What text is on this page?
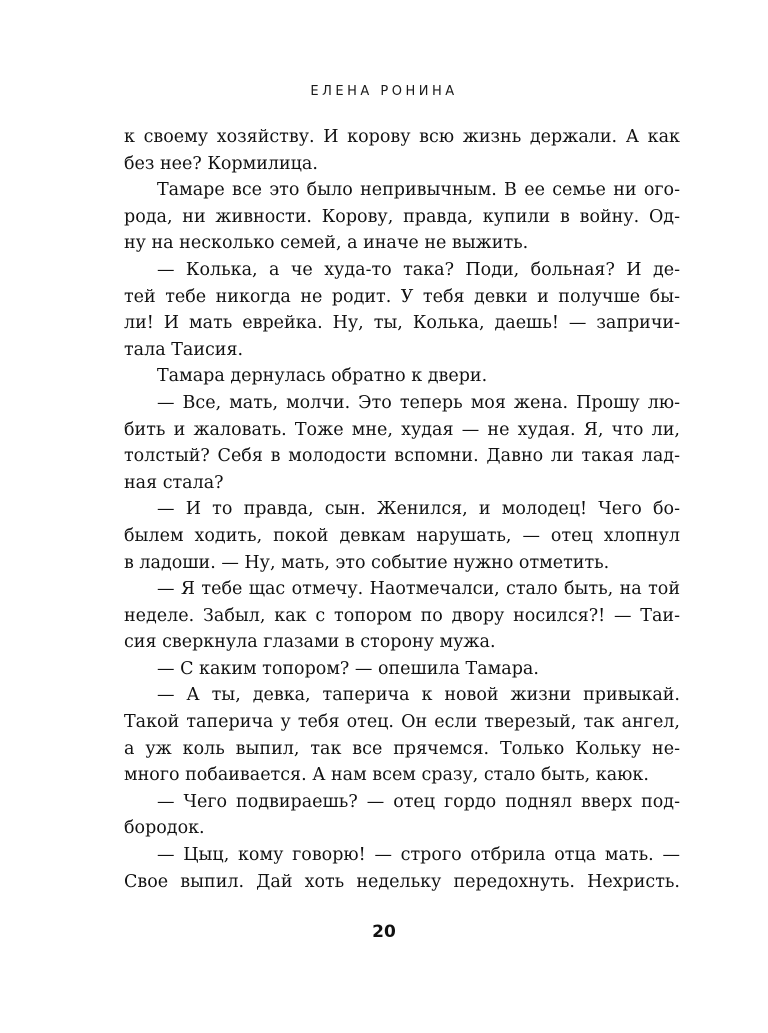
ЕЛЕНА РОНИНА
к своему хозяйству. И корову всю жизнь держали. А как
без нее? Кормилица.
Тамаре все это было непривычным. В ее семье ни ого-
рода, ни живности. Корову, правда, купили в войну. Од-
ну на несколько семей, а иначе не выжить.
— Колька, а че худа-то така? Поди, больная? И де-
тей тебе никогда не родит. У тебя девки и получше бы-
ли! И мать еврейка. Ну, ты, Колька, даешь! — запричи-
тала Таисия.
Тамара дернулась обратно к двери.
— Все, мать, молчи. Это теперь моя жена. Прошу лю-
бить и жаловать. Тоже мне, худая — не худая. Я, что ли,
толстый? Себя в молодости вспомни. Давно ли такая лад-
ная стала?
— И то правда, сын. Женился, и молодец! Чего бо-
былем ходить, покой девкам нарушать, — отец хлопнул
в ладоши. — Ну, мать, это событие нужно отметить.
— Я тебе щас отмечу. Наотмечалси, стало быть, на той
неделе. Забыл, как с топором по двору носился?! — Таи-
сия сверкнула глазами в сторону мужа.
— С каким топором? — опешила Тамара.
— А ты, девка, таперича к новой жизни привыкай.
Такой таперича у тебя отец. Он если тверезый, так ангел,
а уж коль выпил, так все прячемся. Только Кольку не-
много побаивается. А нам всем сразу, стало быть, каюк.
— Чего подвираешь? — отец гордо поднял вверх под-
бородок.
— Цыц, кому говорю! — строго отбрила отца мать. —
Свое выпил. Дай хоть недельку передохнуть. Нехристь.
20
